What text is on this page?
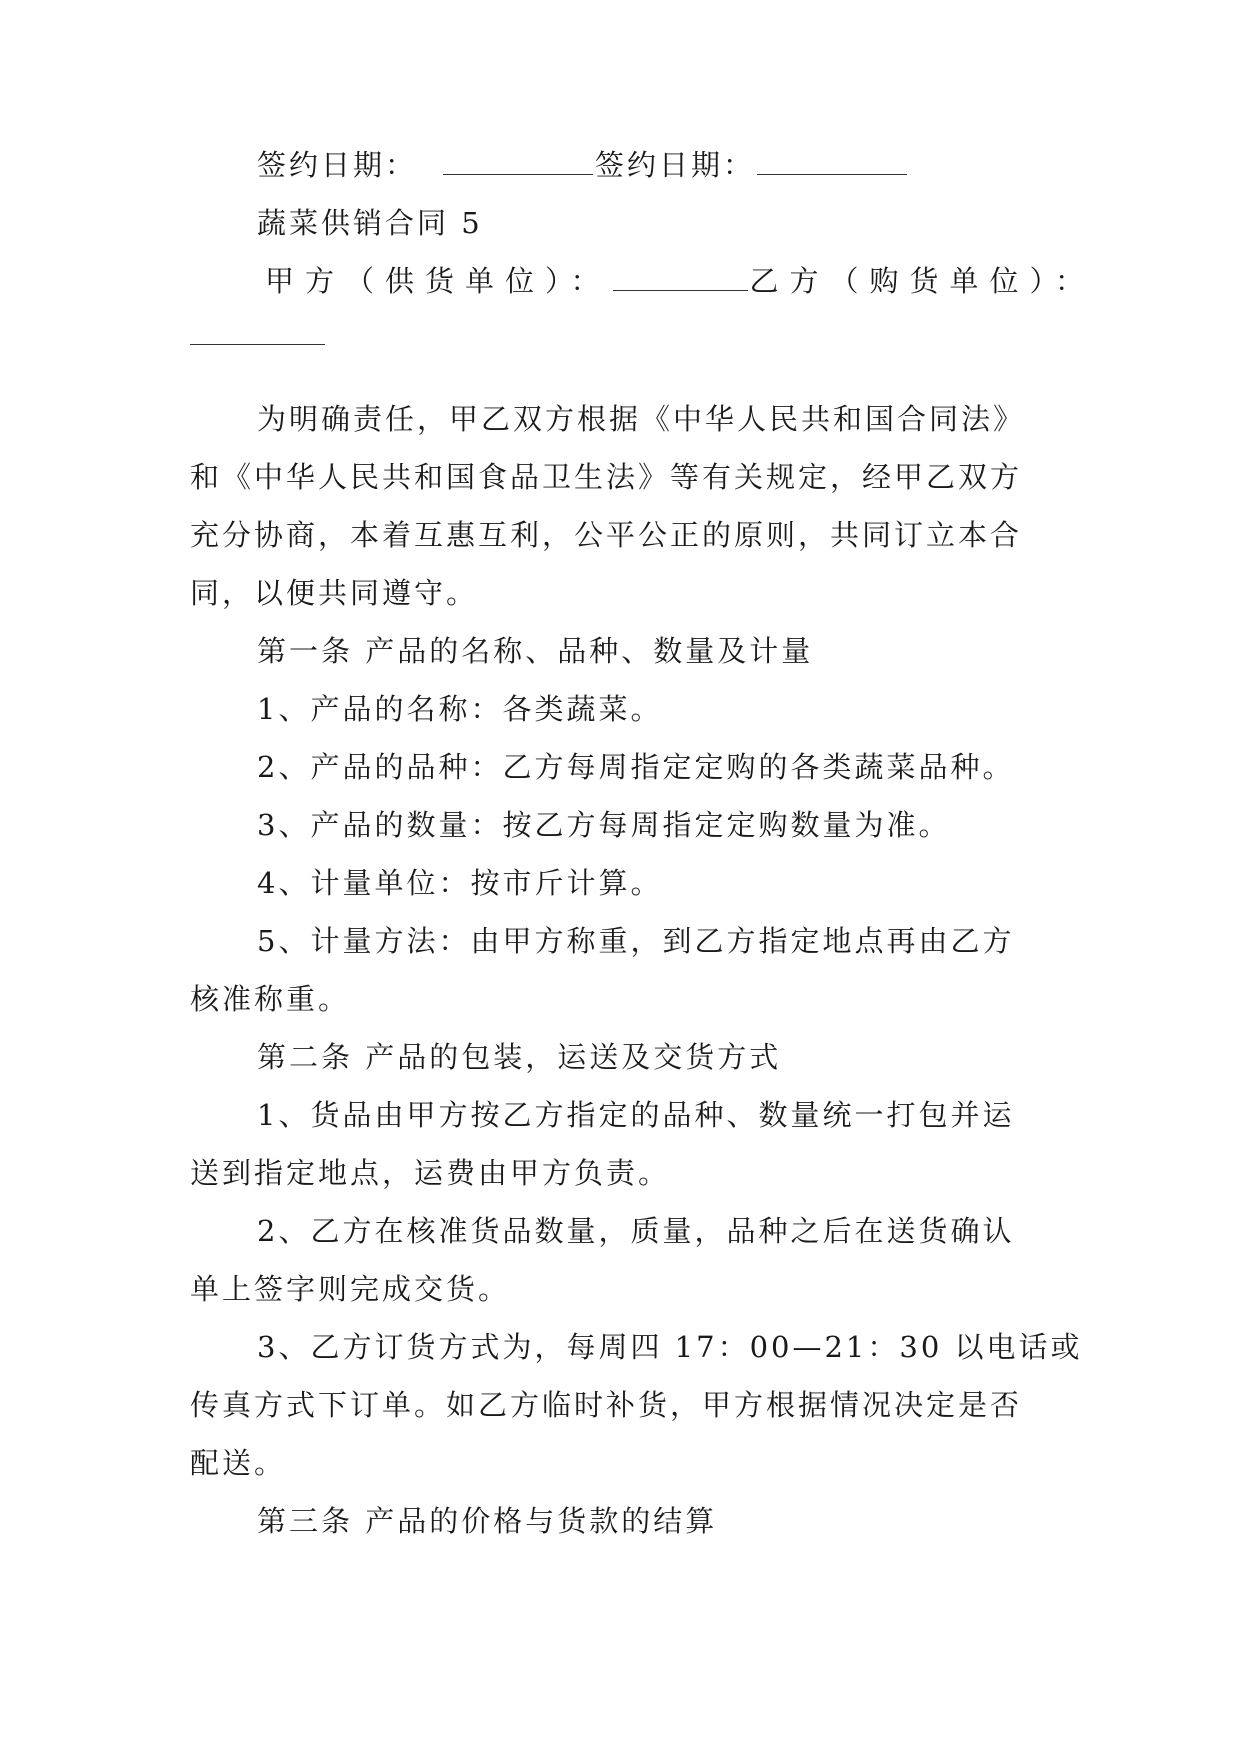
签约日期：	签约日期：
蔬菜供销合同 5
甲方（供货单位）：	乙方（购货单位）：
为明确责任，甲乙双方根据《中华人民共和国合同法》
和《中华人民共和国食品卫生法》等有关规定，经甲乙双方
充分协商，本着互惠互利，公平公正的原则，共同订立本合
同，以便共同遵守。
第一条 产品的名称、品种、数量及计量
1、产品的名称：各类蔬菜。
2、产品的品种：乙方每周指定定购的各类蔬菜品种。
3、产品的数量：按乙方每周指定定购数量为准。
4、计量单位：按市斤计算。
5、计量方法：由甲方称重，到乙方指定地点再由乙方
核准称重。
第二条 产品的包装，运送及交货方式
1、货品由甲方按乙方指定的品种、数量统一打包并运
送到指定地点，运费由甲方负责。
2、乙方在核准货品数量，质量，品种之后在送货确认
单上签字则完成交货。
3、乙方订货方式为，每周四 17：00—21：30 以电话或
传真方式下订单。如乙方临时补货，甲方根据情况决定是否
配送。
第三条 产品的价格与货款的结算
